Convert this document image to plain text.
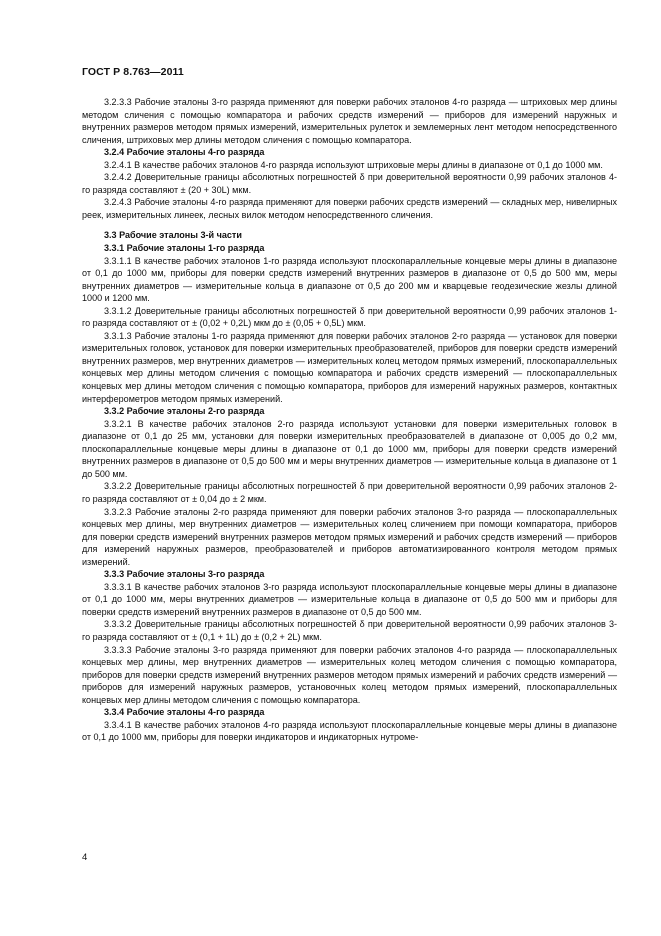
ГОСТ Р 8.763—2011

3.2.3.3 Рабочие эталоны 3-го разряда применяют для поверки рабочих эталонов 4-го разряда — штриховых мер длины методом сличения с помощью компаратора и рабочих средств измерений — приборов для измерений наружных и внутренних размеров методом прямых измерений, измерительных рулеток и землемерных лент методом непосредственного сличения, штриховых мер длины методом сличения с помощью компаратора.

3.2.4 Рабочие эталоны 4-го разряда

3.2.4.1 В качестве рабочих эталонов 4-го разряда используют штриховые меры длины в диапазоне от 0,1 до 1000 мм.

3.2.4.2 Доверительные границы абсолютных погрешностей δ при доверительной вероятности 0,99 рабочих эталонов 4-го разряда составляют ± (20 + 30L) мкм.

3.2.4.3 Рабочие эталоны 4-го разряда применяют для поверки рабочих средств измерений — складных мер, нивелирных реек, измерительных линеек, лесных вилок методом непосредственного сличения.

3.3 Рабочие эталоны 3-й части
3.3.1 Рабочие эталоны 1-го разряда

3.3.1.1 В качестве рабочих эталонов 1-го разряда используют плоскопараллельные концевые меры длины в диапазоне от 0,1 до 1000 мм, приборы для поверки средств измерений внутренних размеров в диапазоне от 0,5 до 500 мм, меры внутренних диаметров — измерительные кольца в диапазоне от 0,5 до 200 мм и кварцевые геодезические жезлы длиной 1000 и 1200 мм.

3.3.1.2 Доверительные границы абсолютных погрешностей δ при доверительной вероятности 0,99 рабочих эталонов 1-го разряда составляют от ± (0,02 + 0,2L) мкм до ± (0,05 + 0,5L) мкм.

3.3.1.3 Рабочие эталоны 1-го разряда применяют для поверки рабочих эталонов 2-го разряда — установок для поверки измерительных головок, установок для поверки измерительных преобразователей, приборов для поверки средств измерений внутренних размеров, мер внутренних диаметров — измерительных колец методом прямых измерений, плоскопараллельных концевых мер длины методом сличения с помощью компаратора и рабочих средств измерений — плоскопараллельных концевых мер длины методом сличения с помощью компаратора, приборов для измерений наружных размеров, контактных интерферометров методом прямых измерений.

3.3.2 Рабочие эталоны 2-го разряда

3.3.2.1 В качестве рабочих эталонов 2-го разряда используют установки для поверки измерительных головок в диапазоне от 0,1 до 25 мм, установки для поверки измерительных преобразователей в диапазоне от 0,005 до 0,2 мм, плоскопараллельные концевые меры длины в диапазоне от 0,1 до 1000 мм, приборы для поверки средств измерений внутренних размеров в диапазоне от 0,5 до 500 мм и меры внутренних диаметров — измерительные кольца в диапазоне от 1 до 500 мм.

3.3.2.2 Доверительные границы абсолютных погрешностей δ при доверительной вероятности 0,99 рабочих эталонов 2-го разряда составляют от ± 0,04 до ± 2 мкм.

3.3.2.3 Рабочие эталоны 2-го разряда применяют для поверки рабочих эталонов 3-го разряда — плоскопараллельных концевых мер длины, мер внутренних диаметров — измерительных колец сличением при помощи компаратора, приборов для поверки средств измерений внутренних размеров методом прямых измерений и рабочих средств измерений — приборов для измерений наружных размеров, преобразователей и приборов автоматизированного контроля методом прямых измерений.

3.3.3 Рабочие эталоны 3-го разряда

3.3.3.1 В качестве рабочих эталонов 3-го разряда используют плоскопараллельные концевые меры длины в диапазоне от 0,1 до 1000 мм, меры внутренних диаметров — измерительные кольца в диапазоне от 0,5 до 500 мм и приборы для поверки средств измерений внутренних размеров в диапазоне от 0,5 до 500 мм.

3.3.3.2 Доверительные границы абсолютных погрешностей δ при доверительной вероятности 0,99 рабочих эталонов 3-го разряда составляют от ± (0,1 + 1L) до ± (0,2 + 2L) мкм.

3.3.3.3 Рабочие эталоны 3-го разряда применяют для поверки рабочих эталонов 4-го разряда — плоскопараллельных концевых мер длины, мер внутренних диаметров — измерительных колец методом сличения с помощью компаратора, приборов для поверки средств измерений внутренних размеров методом прямых измерений и рабочих средств измерений — приборов для измерений наружных размеров, установочных колец методом прямых измерений, плоскопараллельных концевых мер длины методом сличения с помощью компаратора.

3.3.4 Рабочие эталоны 4-го разряда

3.3.4.1 В качестве рабочих эталонов 4-го разряда используют плоскопараллельные концевые меры длины в диапазоне от 0,1 до 1000 мм, приборы для поверки индикаторов и индикаторных нутроме-

4
